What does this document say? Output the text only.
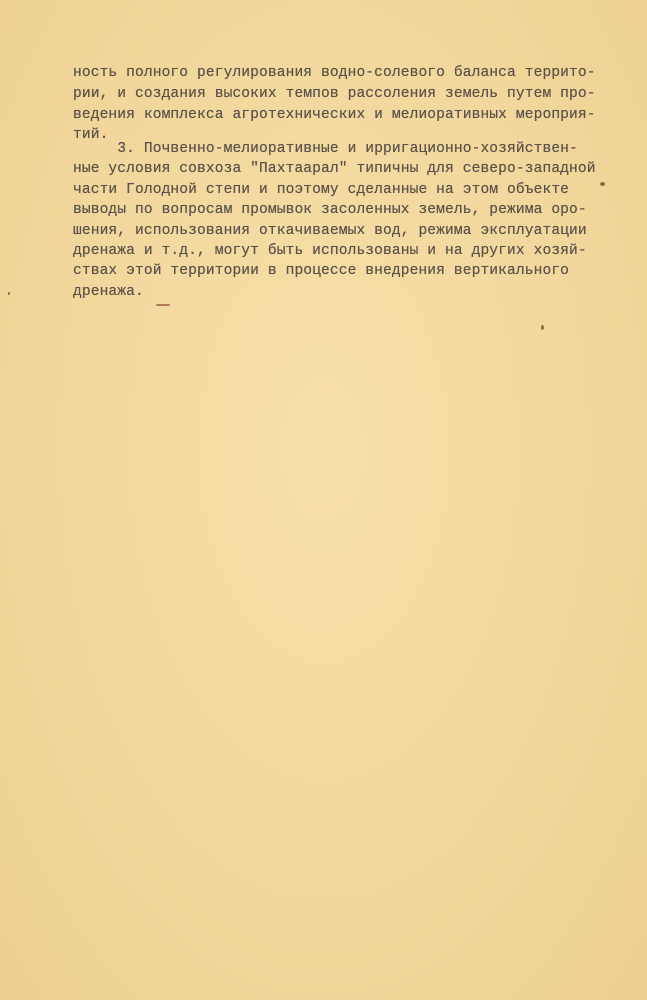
ность полного регулирования водно-солевого баланса террито-
рии, и создания высоких темпов рассоления земель путем про-
ведения комплекса агротехнических и мелиоративных мероприя-
тий.
3. Почвенно-мелиоративные и ирригационно-хозяйствен-
ные условия совхоза "Пахтаарал" типичны для северо-западной
части Голодной степи и поэтому сделанные на этом объекте
выводы по вопросам промывок засоленных земель, режима оро-
шения, использования откачиваемых вод, режима эксплуатации
дренажа и т.д., могут быть использованы и на других хозяй-
ствах этой территории в процессе внедрения вертикального
дренажа.
